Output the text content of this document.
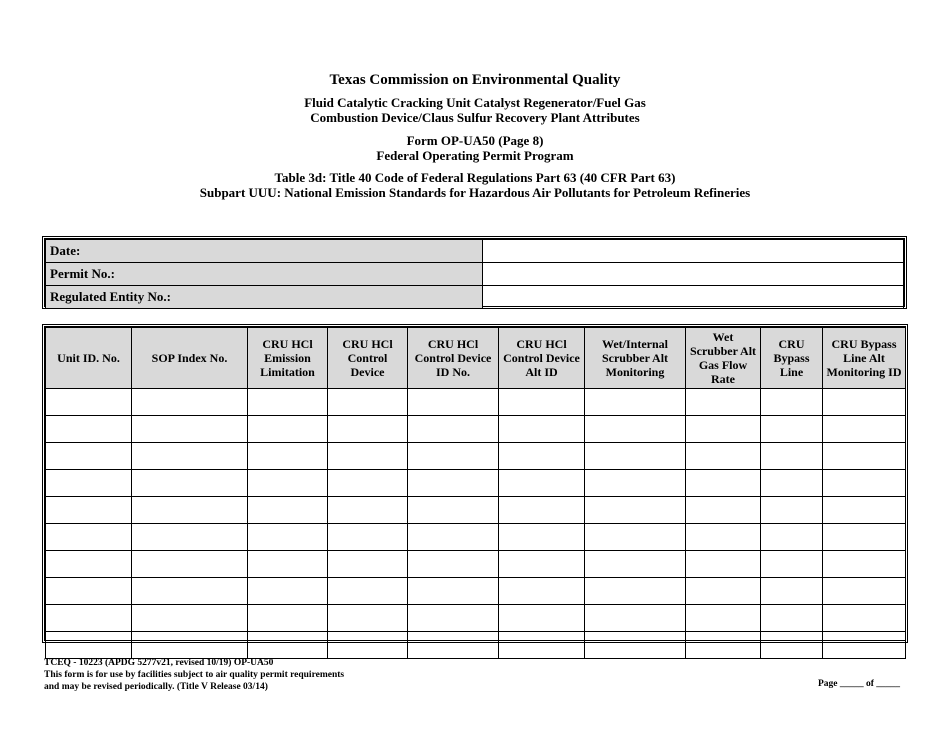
Texas Commission on Environmental Quality
Fluid Catalytic Cracking Unit Catalyst Regenerator/Fuel Gas
Combustion Device/Claus Sulfur Recovery Plant Attributes
Form OP-UA50 (Page 8)
Federal Operating Permit Program
Table 3d: Title 40 Code of Federal Regulations Part 63 (40 CFR Part 63)
Subpart UUU: National Emission Standards for Hazardous Air Pollutants for Petroleum Refineries
Date:	
Permit No.:	
Regulated Entity No.:	
Unit ID. No.	SOP Index No.	CRU HCl Emission Limitation	CRU HCl Control Device	CRU HCl Control Device ID No.	CRU HCl Control Device Alt ID	Wet/Internal Scrubber Alt Monitoring	Wet Scrubber Alt Gas Flow Rate	CRU Bypass Line	CRU Bypass Line Alt Monitoring ID

TCEQ - 10223 (APDG 5277v21, revised 10/19) OP-UA50
This form is for use by facilities subject to air quality permit requirements
and may be revised periodically. (Title V Release 03/14)	Page _____ of _____
